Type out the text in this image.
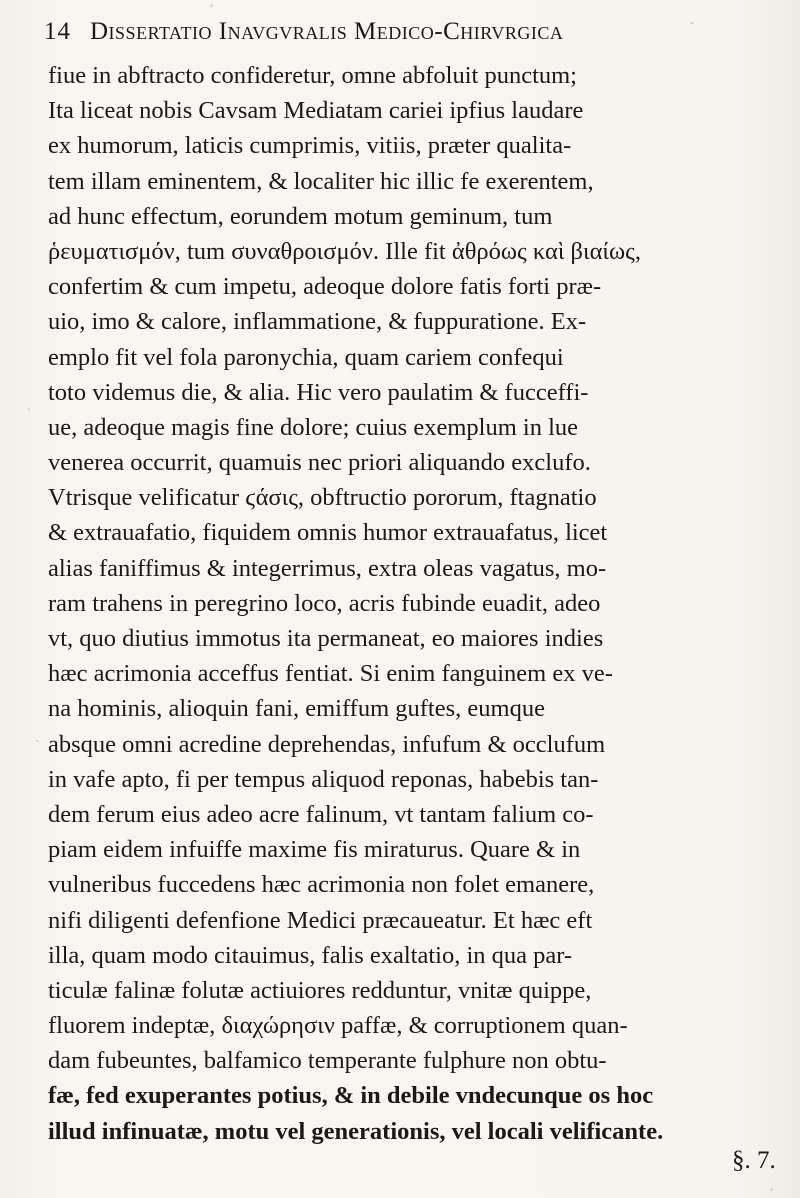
14 Dissertatio Inavgvralis Medico-Chirvrgica
fiue in abftracto confideretur, omne abfoluit punctum;
Ita liceat nobis Cavsam Mediatam cariei ipfius laudare
ex humorum, laticis cumprimis, vitiis, præter qualita-
tem illam eminentem, & localiter hic illic fe exerentem,
ad hunc effectum, eorundem motum geminum, tum
ῥευματισμόν, tum συναθροισμόν. Ille fit ἀθρόως καὶ βιαίως,
confertim & cum impetu, adeoque dolore fatis forti præ-
uio, imo & calore, inflammatione, & fuppuratione. Ex-
emplo fit vel fola paronychia, quam cariem confequi
toto videmus die, & alia. Hic vero paulatim & fucceffi-
ue, adeoque magis fine dolore; cuius exemplum in lue
venerea occurrit, quamuis nec priori aliquando exclufo.
Vtrisque velificatur ϛάσις, obftructio pororum, ftagnatio
& extrauafatio, fiquidem omnis humor extrauafatus, licet
alias faniffimus & integerrimus, extra oleas vagatus, mo-
ram trahens in peregrino loco, acris fubinde euadit, adeo
vt, quo diutius immotus ita permaneat, eo maiores indies
hæc acrimonia acceffus fentiat. Si enim fanguinem ex ve-
na hominis, alioquin fani, emiffum guftes, eumque
absque omni acredine deprehendas, infufum & occlufum
in vafe apto, fi per tempus aliquod reponas, habebis tan-
dem ferum eius adeo acre falinum, vt tantam falium co-
piam eidem infuiffe maxime fis miraturus. Quare & in
vulneribus fuccedens hæc acrimonia non folet emanere,
nifi diligenti defenfione Medici præcaueatur. Et hæc eft
illa, quam modo citauimus, falis exaltatio, in qua par-
ticulæ falinæ folutæ actiuiores redduntur, vnitæ quippe,
fluorem indeptæ, διαχώρησιν paffæ, & corruptionem quan-
dam fubeuntes, balfamico temperante fulphure non obtu-
fæ, fed exuperantes potius, & in debile vndecunque os hoc
illud infinuatæ, motu vel generationis, vel locali velificante.
§. 7.
